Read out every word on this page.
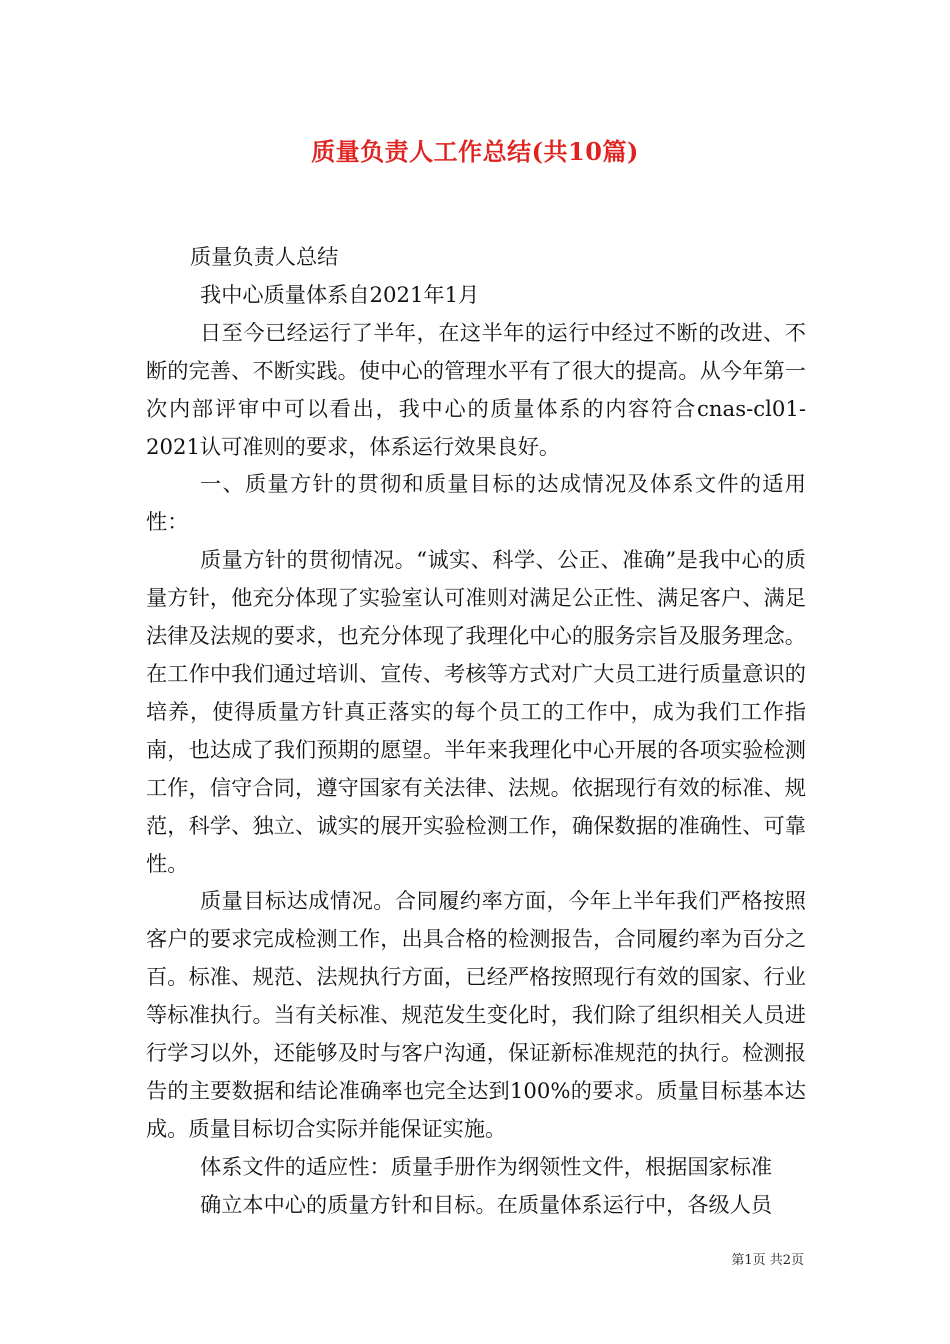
质量负责人工作总结(共10篇)

质量负责人总结

我中心质量体系自2021年1月

日至今已经运行了半年，在这半年的运行中经过不断的改进、不断的完善、不断实践。使中心的管理水平有了很大的提高。从今年第一次内部评审中可以看出，我中心的质量体系的内容符合cnas-cl01-2021认可准则的要求，体系运行效果良好。

一、质量方针的贯彻和质量目标的达成情况及体系文件的适用性：

质量方针的贯彻情况。“诚实、科学、公正、准确”是我中心的质量方针，他充分体现了实验室认可准则对满足公正性、满足客户、满足法律及法规的要求，也充分体现了我理化中心的服务宗旨及服务理念。在工作中我们通过培训、宣传、考核等方式对广大员工进行质量意识的培养，使得质量方针真正落实的每个员工的工作中，成为我们工作指南，也达成了我们预期的愿望。半年来我理化中心开展的各项实验检测工作，信守合同，遵守国家有关法律、法规。依据现行有效的标准、规范，科学、独立、诚实的展开实验检测工作，确保数据的准确性、可靠性。

质量目标达成情况。合同履约率方面，今年上半年我们严格按照客户的要求完成检测工作，出具合格的检测报告，合同履约率为百分之百。标准、规范、法规执行方面，已经严格按照现行有效的国家、行业等标准执行。当有关标准、规范发生变化时，我们除了组织相关人员进行学习以外，还能够及时与客户沟通，保证新标准规范的执行。检测报告的主要数据和结论准确率也完全达到100%的要求。质量目标基本达成。质量目标切合实际并能保证实施。

体系文件的适应性：质量手册作为纲领性文件，根据国家标准

确立本中心的质量方针和目标。在质量体系运行中，各级人员

第1页 共2页
